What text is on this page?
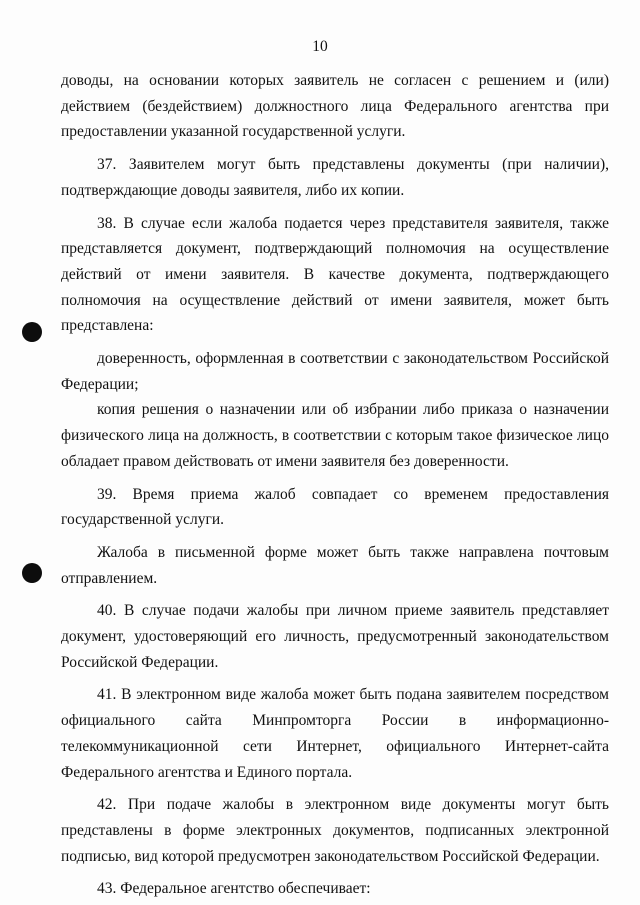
10

доводы, на основании которых заявитель не согласен с решением и (или) действием (бездействием) должностного лица Федерального агентства при предоставлении указанной государственной услуги.

37. Заявителем могут быть представлены документы (при наличии), подтверждающие доводы заявителя, либо их копии.

38. В случае если жалоба подается через представителя заявителя, также представляется документ, подтверждающий полномочия на осуществление действий от имени заявителя. В качестве документа, подтверждающего полномочия на осуществление действий от имени заявителя, может быть представлена:

доверенность, оформленная в соответствии с законодательством Российской Федерации;

копия решения о назначении или об избрании либо приказа о назначении физического лица на должность, в соответствии с которым такое физическое лицо обладает правом действовать от имени заявителя без доверенности.

39. Время приема жалоб совпадает со временем предоставления государственной услуги.

Жалоба в письменной форме может быть также направлена почтовым отправлением.

40. В случае подачи жалобы при личном приеме заявитель представляет документ, удостоверяющий его личность, предусмотренный законодательством Российской Федерации.

41. В электронном виде жалоба может быть подана заявителем посредством официального сайта Минпромторга России в информационно-телекоммуникационной сети Интернет, официального Интернет-сайта Федерального агентства и Единого портала.

42. При подаче жалобы в электронном виде документы могут быть представлены в форме электронных документов, подписанных электронной подписью, вид которой предусмотрен законодательством Российской Федерации.

43. Федеральное агентство обеспечивает:
